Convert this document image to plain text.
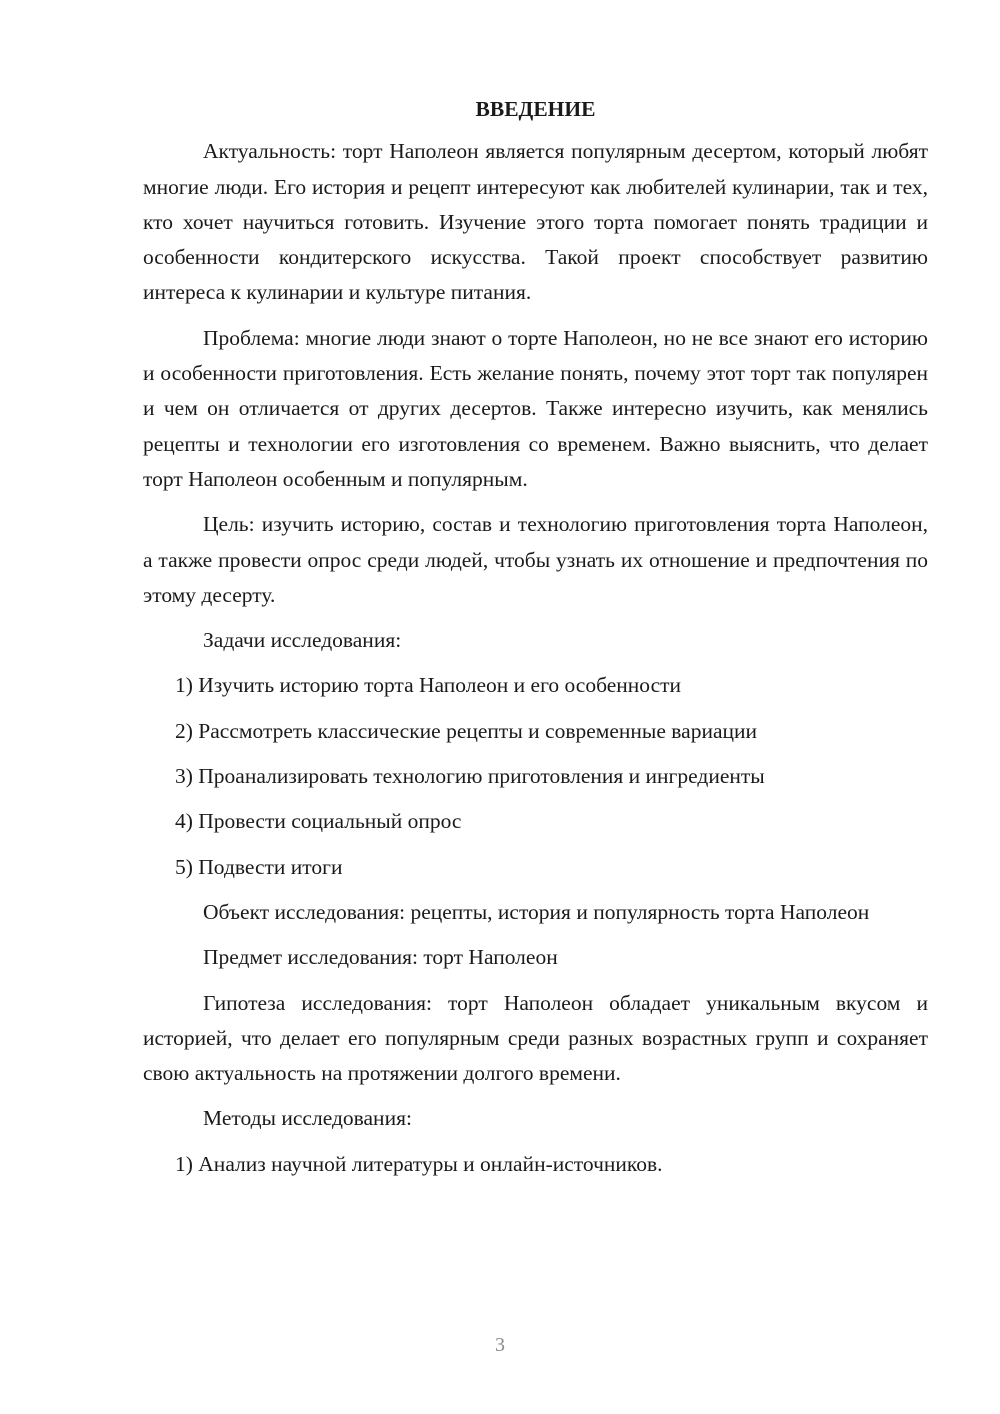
ВВЕДЕНИЕ

Актуальность: торт Наполеон является популярным десертом, который любят многие люди. Его история и рецепт интересуют как любителей кулинарии, так и тех, кто хочет научиться готовить. Изучение этого торта помогает понять традиции и особенности кондитерского искусства. Такой проект способствует развитию интереса к кулинарии и культуре питания.

Проблема: многие люди знают о торте Наполеон, но не все знают его историю и особенности приготовления. Есть желание понять, почему этот торт так популярен и чем он отличается от других десертов. Также интересно изучить, как менялись рецепты и технологии его изготовления со временем. Важно выяснить, что делает торт Наполеон особенным и популярным.

Цель: изучить историю, состав и технологию приготовления торта Наполеон, а также провести опрос среди людей, чтобы узнать их отношение и предпочтения по этому десерту.

Задачи исследования:

1) Изучить историю торта Наполеон и его особенности

2) Рассмотреть классические рецепты и современные вариации

3) Проанализировать технологию приготовления и ингредиенты

4) Провести социальный опрос

5) Подвести итоги

Объект исследования: рецепты, история и популярность торта Наполеон

Предмет исследования: торт Наполеон

Гипотеза исследования: торт Наполеон обладает уникальным вкусом и историей, что делает его популярным среди разных возрастных групп и сохраняет свою актуальность на протяжении долгого времени.

Методы исследования:

1) Анализ научной литературы и онлайн-источников.

3
